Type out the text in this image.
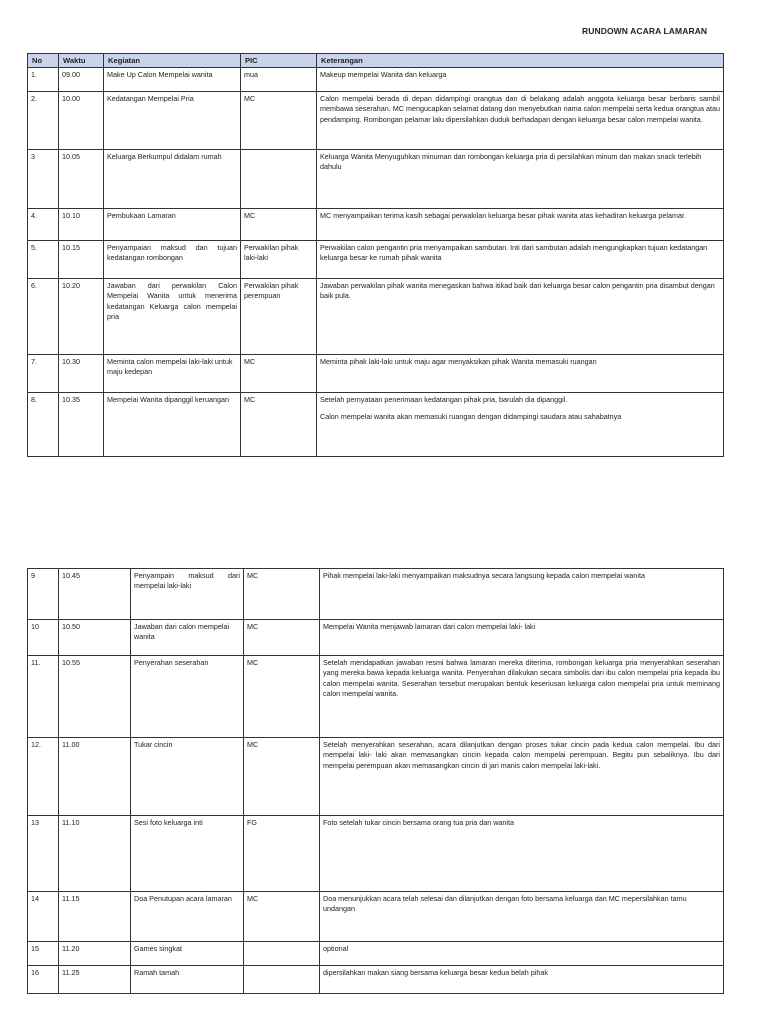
RUNDOWN ACARA LAMARAN
No	Waktu	Kegiatan	PIC	Keterangan
1.	09.00	Make Up Calon Mempelai wanita	mua	Makeup mempelai Wanita dan keluarga
2.	10.00	Kedatangan Mempelai Pria	MC	Calon mempelai berada di depan didampingi orangtua dan di belakang adalah anggota keluarga besar berbaris sambil membawa seserahan. MC mengucapkan selamat datang dan menyebutkan nama calon mempelai serta kedua orangtua atau pendamping. Rombongan pelamar lalu dipersilahkan duduk berhadapan dengan keluarga besar calon mempelai wanita.
3	10.05	Keluarga Berkumpul didalam rumah		Keluarga Wanita Menyuguhkan minuman dan rombongan keluarga pria di persilahkan minum dan makan snack terlebih dahulu
4.	10.10	Pembukaan Lamaran	MC	MC menyampaikan terima kasih sebagai perwakilan keluarga besar pihak wanita atas kehadiran keluarga pelamar.
5.	10.15	Penyampaian maksud dan tujuan kedatangan rombongan	Perwakilan pihak laki-laki	Perwakilan calon pengantin pria menyampaikan sambutan. Inti dari sambutan adalah mengungkapkan tujuan kedatangan keluarga besar ke rumah pihak wanita
6.	10.20	Jawaban dari perwakilan Calon Mempelai Wanita untuk menerima kedatangan Keluarga calon mempelai pria	Perwakilan pihak perempuan	Jawaban perwakilan pihak wanita menegaskan bahwa itikad baik dari keluarga besar calon pengantin pria disambut dengan baik pula.
7.	10.30	Meminta calon mempelai laki-laki untuk maju kedepan	MC	Meminta pihak laki-laki untuk maju agar menyaksikan pihak Wanita memasuki ruangan
8.	10.35	Mempelai Wanita dipanggil keruangan	MC	Setelah pernyataan penerimaan kedatangan pihak pria, barulah dia dipanggil.
Calon mempelai wanita akan memasuki ruangan dengan didampingi saudara atau sahabatnya
9	10.45	Penyampain maksud dari mempelai laki-laki	MC	Pihak mempelai laki-laki menyampaikan maksudnya secara langsung kepada calon mempelai wanita
10	10.50	Jawaban dari calon mempelai wanita	MC	Mempelai Wanita menjawab lamaran dari calon mempelai laki- laki
11.	10.55	Penyerahan seserahan	MC	Setelah mendapatkan jawaban resmi bahwa lamaran mereka diterima, rombongan keluarga pria menyerahkan seserahan yang mereka bawa kepada keluarga wanita. Penyerahan dilakukan secara simbolis dari ibu calon mempelai pria kepada ibu calon mempelai wanita. Seserahan tersebut merupakan bentuk keseriusan keluarga calon mempelai pria untuk meminang calon mempelai wanita.
12.	11.00	Tukar cincin	MC	Setelah menyerahkan seserahan, acara dilanjutkan dengan proses tukar cincin pada kedua calon mempelai. Ibu dari mempelai laki- laki akan memasangkan cincin kepada calon mempelai perempuan. Begitu pun sebaliknya. Ibu dari mempelai perempuan akan memasangkan cincin di jari manis calon mempelai laki-laki.
13	11.10	Sesi foto keluarga inti	FG	Foto setelah tukar cincin bersama orang tua pria dan wanita
14	11.15	Doa Penutupan acara lamaran	MC	Doa menunjukkan acara telah selesai dan dilanjutkan dengan foto bersama keluarga dan MC mepersilahkan tamu undangan
15	11.20	Games singkat		optional
16	11.25	Ramah tamah		dipersilahkan makan siang bersama keluarga besar kedua belah pihak
